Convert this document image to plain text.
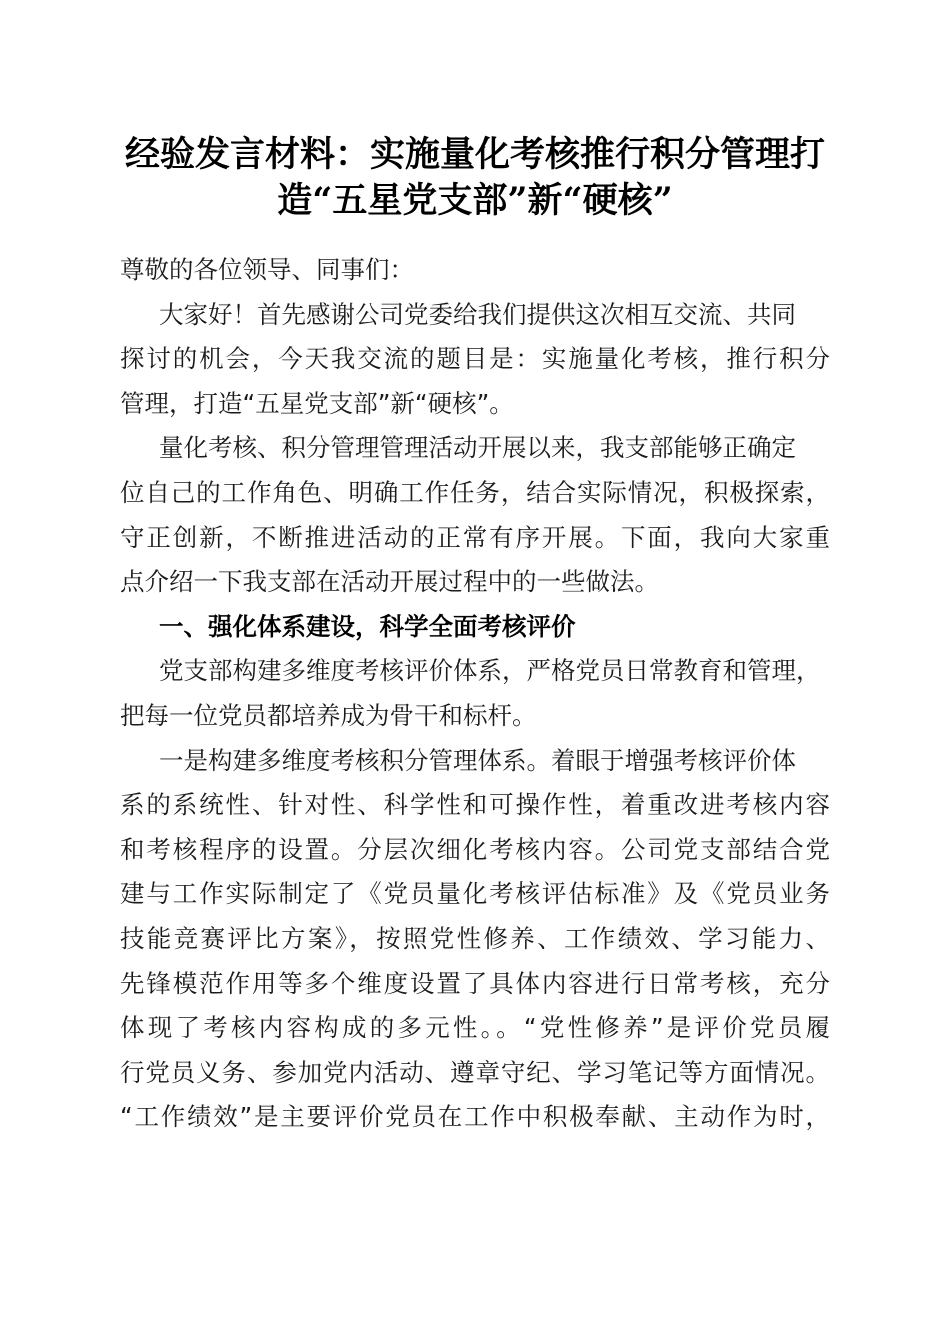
经验发言材料：实施量化考核推行积分管理打
造“五星党支部”新“硬核”
尊敬的各位领导、同事们：
大家好！首先感谢公司党委给我们提供这次相互交流、共同
探讨的机会，今天我交流的题目是：实施量化考核，推行积分
管理，打造“五星党支部”新“硬核”。
量化考核、积分管理管理活动开展以来，我支部能够正确定
位自己的工作角色、明确工作任务，结合实际情况，积极探索，
守正创新，不断推进活动的正常有序开展。下面，我向大家重
点介绍一下我支部在活动开展过程中的一些做法。
一、强化体系建设，科学全面考核评价
党支部构建多维度考核评价体系，严格党员日常教育和管理，
把每一位党员都培养成为骨干和标杆。
一是构建多维度考核积分管理体系。着眼于增强考核评价体
系的系统性、针对性、科学性和可操作性，着重改进考核内容
和考核程序的设置。分层次细化考核内容。公司党支部结合党
建与工作实际制定了《党员量化考核评估标准》及《党员业务
技能竞赛评比方案》，按照党性修养、工作绩效、学习能力、
先锋模范作用等多个维度设置了具体内容进行日常考核，充分
体现了考核内容构成的多元性。。“党性修养”是评价党员履
行党员义务、参加党内活动、遵章守纪、学习笔记等方面情况。
“工作绩效”是主要评价党员在工作中积极奉献、主动作为时，
